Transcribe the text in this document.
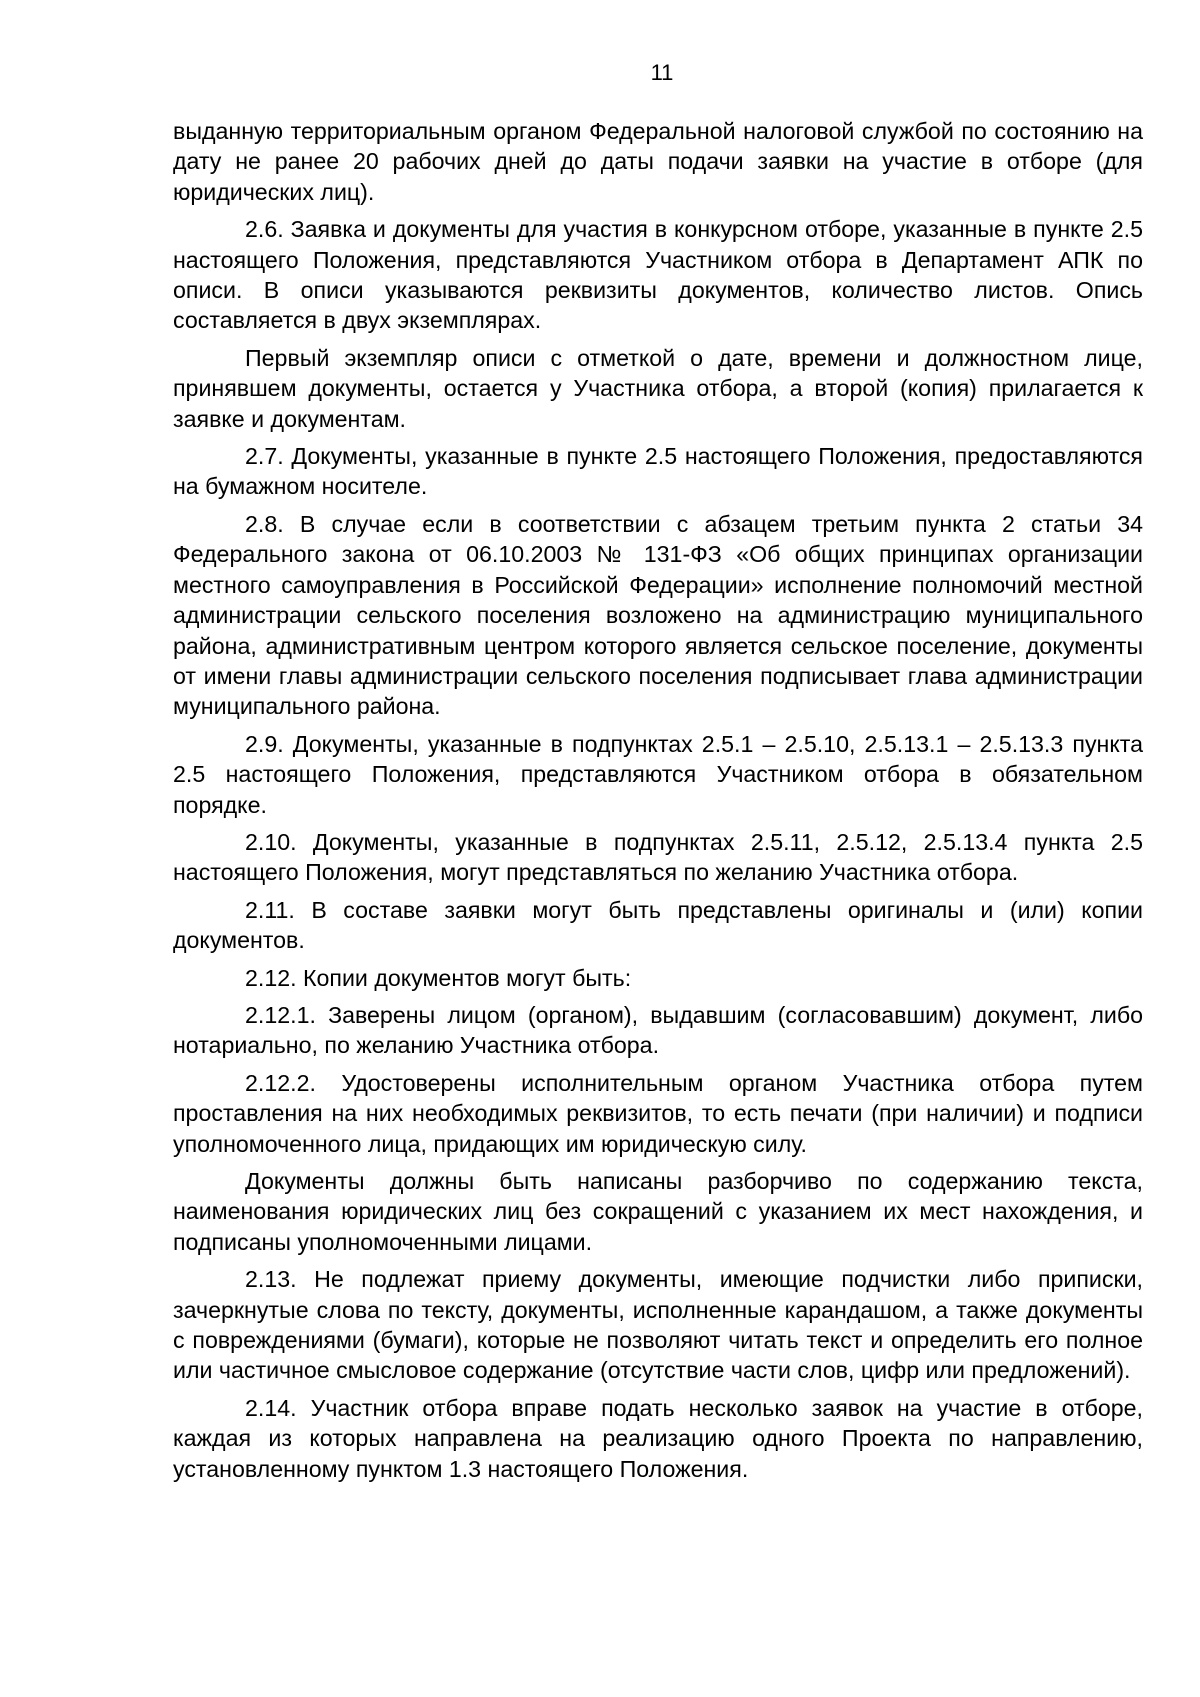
11

выданную территориальным органом Федеральной налоговой службой по состоянию на дату не ранее 20 рабочих дней до даты подачи заявки на участие в отборе (для юридических лиц).

2.6. Заявка и документы для участия в конкурсном отборе, указанные в пункте 2.5 настоящего Положения, представляются Участником отбора в Департамент АПК по описи. В описи указываются реквизиты документов, количество листов. Опись составляется в двух экземплярах.

Первый экземпляр описи с отметкой о дате, времени и должностном лице, принявшем документы, остается у Участника отбора, а второй (копия) прилагается к заявке и документам.

2.7. Документы, указанные в пункте 2.5 настоящего Положения, предоставляются на бумажном носителе.

2.8. В случае если в соответствии с абзацем третьим пункта 2 статьи 34 Федерального закона от 06.10.2003 № 131-ФЗ «Об общих принципах организации местного самоуправления в Российской Федерации» исполнение полномочий местной администрации сельского поселения возложено на администрацию муниципального района, административным центром которого является сельское поселение, документы от имени главы администрации сельского поселения подписывает глава администрации муниципального района.

2.9. Документы, указанные в подпунктах 2.5.1 – 2.5.10, 2.5.13.1 – 2.5.13.3 пункта 2.5 настоящего Положения, представляются Участником отбора в обязательном порядке.

2.10. Документы, указанные в подпунктах 2.5.11, 2.5.12, 2.5.13.4 пункта 2.5 настоящего Положения, могут представляться по желанию Участника отбора.

2.11. В составе заявки могут быть представлены оригиналы и (или) копии документов.

2.12. Копии документов могут быть:

2.12.1. Заверены лицом (органом), выдавшим (согласовавшим) документ, либо нотариально, по желанию Участника отбора.

2.12.2. Удостоверены исполнительным органом Участника отбора путем проставления на них необходимых реквизитов, то есть печати (при наличии) и подписи уполномоченного лица, придающих им юридическую силу.

Документы должны быть написаны разборчиво по содержанию текста, наименования юридических лиц без сокращений с указанием их мест нахождения, и подписаны уполномоченными лицами.

2.13. Не подлежат приему документы, имеющие подчистки либо приписки, зачеркнутые слова по тексту, документы, исполненные карандашом, а также документы с повреждениями (бумаги), которые не позволяют читать текст и определить его полное или частичное смысловое содержание (отсутствие части слов, цифр или предложений).

2.14. Участник отбора вправе подать несколько заявок на участие в отборе, каждая из которых направлена на реализацию одного Проекта по направлению, установленному пунктом 1.3 настоящего Положения.
